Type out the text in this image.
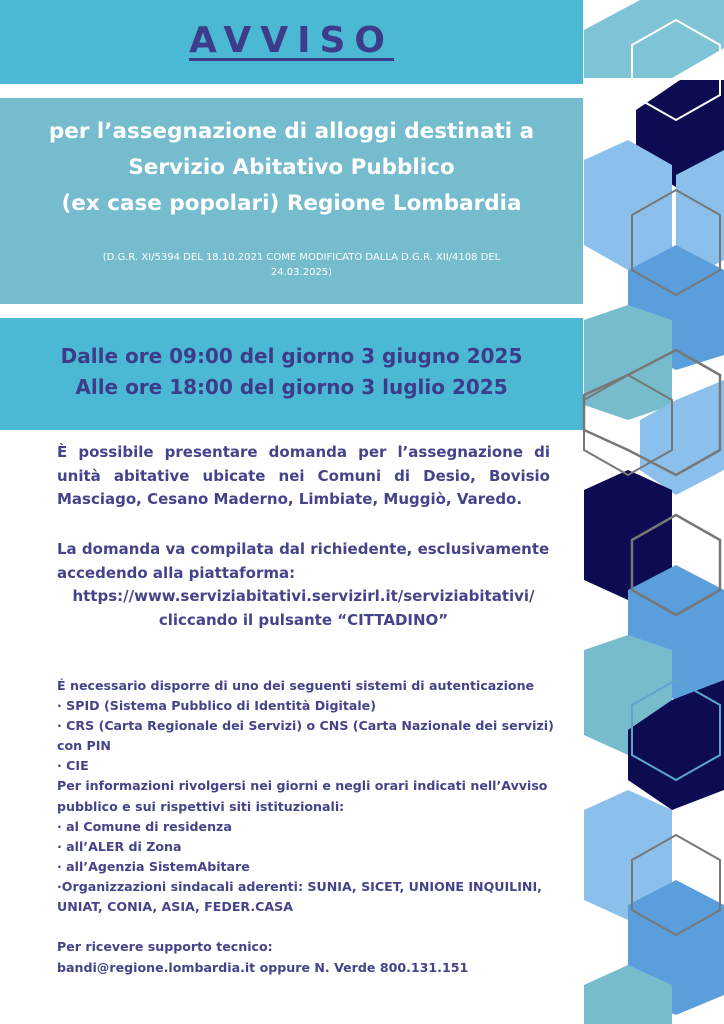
AVVISO
per l’assegnazione di alloggi destinati a
Servizio Abitativo Pubblico
(ex case popolari) Regione Lombardia
(D.G.R. XI/5394 DEL 18.10.2021 COME MODIFICATO DALLA D.G.R. XII/4108 DEL
24.03.2025)
Dalle ore 09:00 del giorno 3 giugno 2025
Alle ore 18:00 del giorno 3 luglio 2025

È possibile presentare domanda per l’assegnazione di unità abitative ubicate nei Comuni di Desio, Bovisio Masciago, Cesano Maderno, Limbiate, Muggiò, Varedo.

La domanda va compilata dal richiedente, esclusivamente accedendo alla piattaforma:

https://www.serviziabitativi.servizirl.it/serviziabitativi/

cliccando il pulsante “CITTADINO”

É necessario disporre di uno dei seguenti sistemi di autenticazione

· SPID (Sistema Pubblico di Identità Digitale)

· CRS (Carta Regionale dei Servizi) o CNS (Carta Nazionale dei servizi) con PIN

· CIE

Per informazioni rivolgersi nei giorni e negli orari indicati nell’Avviso pubblico e sui rispettivi siti istituzionali:

· al Comune di residenza

· all’ALER di Zona

· all’Agenzia SistemAbitare

·Organizzazioni sindacali aderenti: SUNIA, SICET, UNIONE INQUILINI, UNIAT, CONIA, ASIA, FEDER.CASA

Per ricevere supporto tecnico:

bandi@regione.lombardia.it oppure N. Verde 800.131.151
